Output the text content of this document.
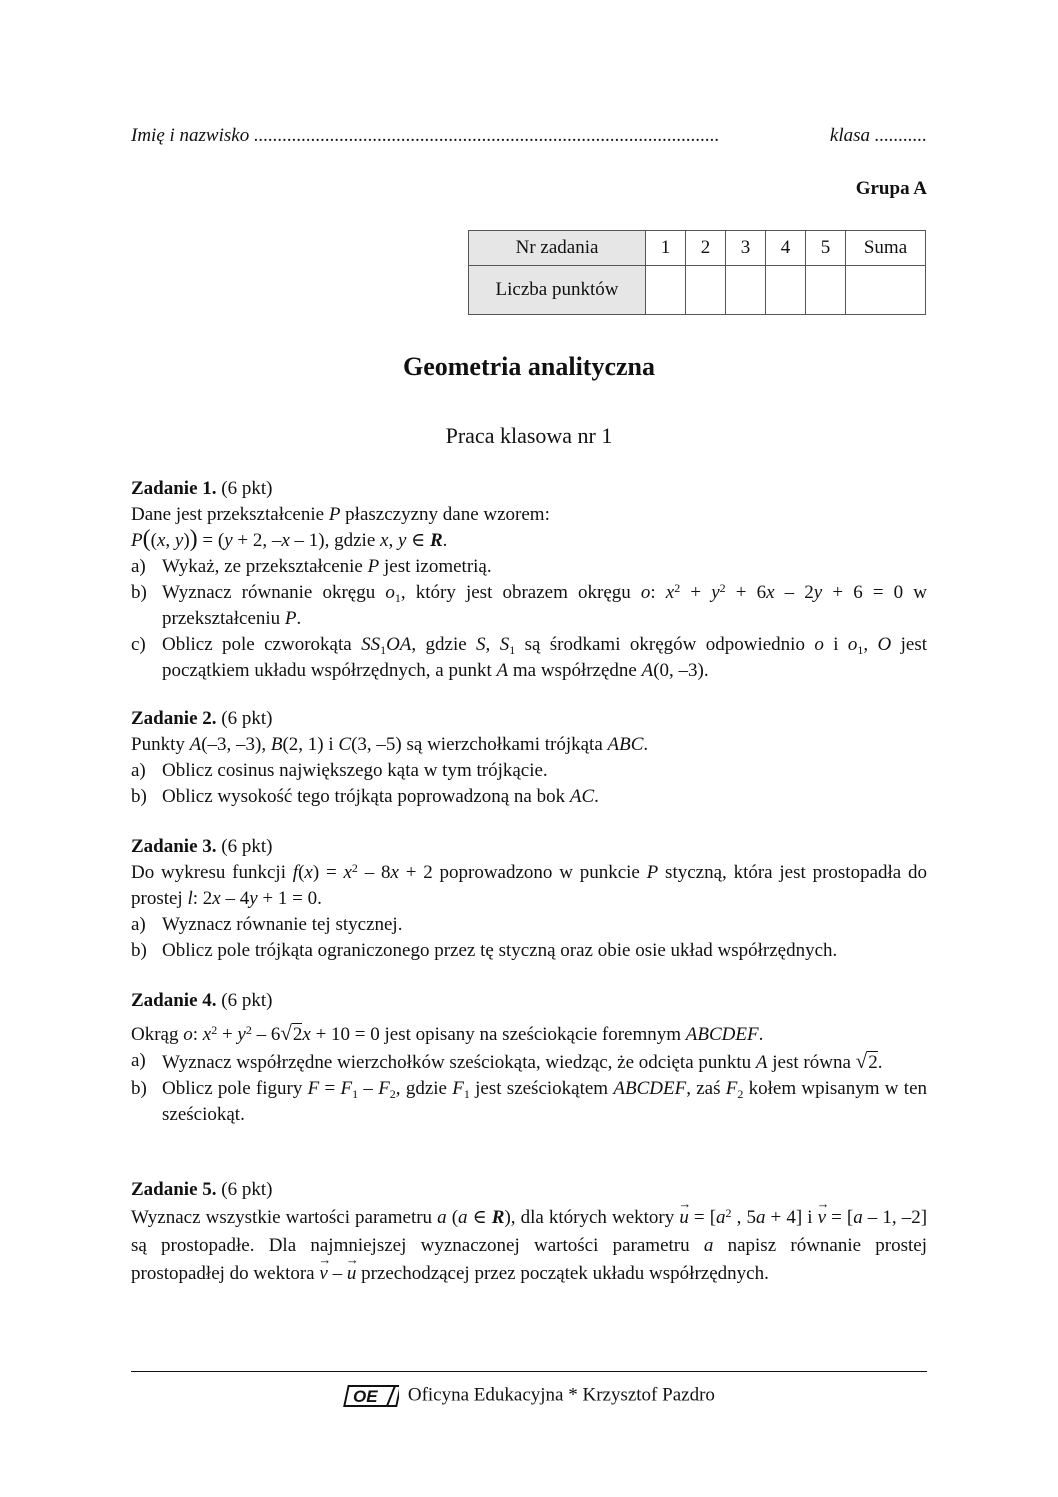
Imię i nazwisko ..................................................................................................	klasa ...........
Grupa A
Nr zadania	1	2	3	4	5	Suma
Liczba punktów						
Geometria analityczna
Praca klasowa nr 1

Zadanie 1. (6 pkt)

Dane jest przekształcenie P płaszczyzny dane wzorem:

P((x, y)) = (y + 2, –x – 1), gdzie x, y ∈ R.

a) Wykaż, ze przekształcenie P jest izometrią.
b) Wyznacz równanie okręgu $o_1$, który jest obrazem okręgu o: $x^2 + y^2 + 6x - 2y + 6 = 0$ w przekształceniu P.
c) Oblicz pole czworokąta $SS_1OA$, gdzie S, $S_1$ są środkami okręgów odpowiednio o i $o_1$, O jest początkiem układu współrzędnych, a punkt A ma współrzędne A(0, –3).

Zadanie 2. (6 pkt)

Punkty A(–3, –3), B(2, 1) i C(3, –5) są wierzchołkami trójkąta ABC.

a) Oblicz cosinus największego kąta w tym trójkącie.
b) Oblicz wysokość tego trójkąta poprowadzoną na bok AC.

Zadanie 3. (6 pkt)

Do wykresu funkcji $f(x) = x^2 - 8x + 2$ poprowadzono w punkcie P styczną, która jest prostopadła do prostej l: 2x – 4y + 1 = 0.

a) Wyznacz równanie tej stycznej.
b) Oblicz pole trójkąta ograniczonego przez tę styczną oraz obie osie układ współrzędnych.

Zadanie 4. (6 pkt)

Okrąg o: $x^2 + y^2 - 6√2x + 10 = 0$ jest opisany na sześciokącie foremnym ABCDEF.

a) Wyznacz współrzędne wierzchołków sześciokąta, wiedząc, że odcięta punktu A jest równa √2.
b) Oblicz pole figury $F = F_1 - F_2$, gdzie $F_1$ jest sześciokątem ABCDEF, zaś $F_2$ kołem wpisanym w ten sześciokąt.

Zadanie 5. (6 pkt)

Wyznacz wszystkie wartości parametru a (a ∈ R), dla których wektory → $u = [a^2$ , 5a + 4] i → v = [a – 1, –2] są prostopadłe. Dla najmniejszej wyznaczonej wartości parametru a napisz równanie prostej prostopadłej do wektora → v – → u przechodzącej przez początek układu współrzędnych.

OE Oficyna Edukacyjna * Krzysztof Pazdro
